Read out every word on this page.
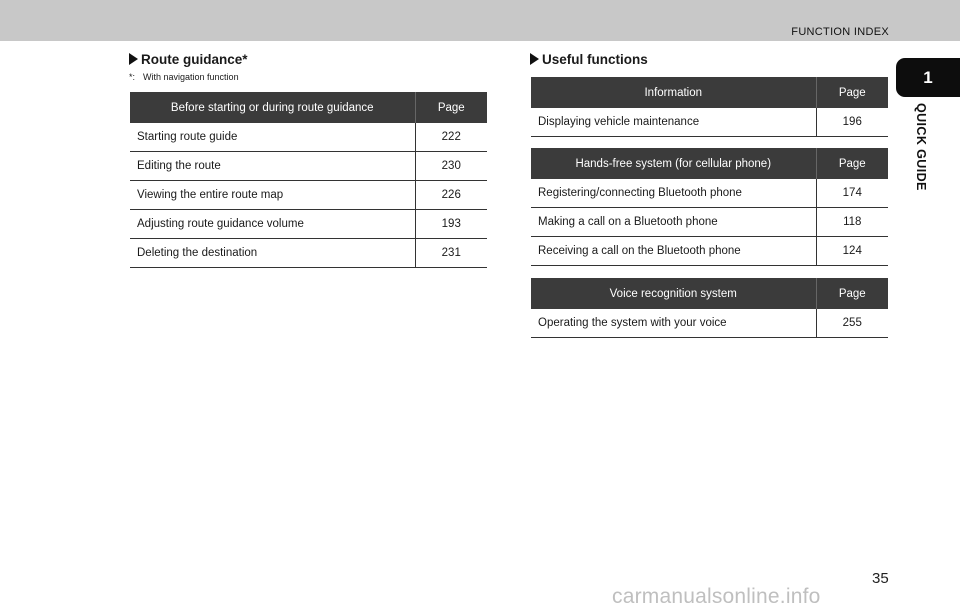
FUNCTION INDEX
1
QUICK GUIDE
Route guidance*
*: With navigation function
Before starting or during route guidance	Page
Starting route guide	222
Editing the route	230
Viewing the entire route map	226
Adjusting route guidance volume	193
Deleting the destination	231
Useful functions
Information	Page
Displaying vehicle maintenance	196
Hands-free system (for cellular phone)	Page
Registering/connecting Bluetooth phone	174
Making a call on a Bluetooth phone	118
Receiving a call on the Bluetooth phone	124
Voice recognition system	Page
Operating the system with your voice	255
35
carmanualsonline.info
